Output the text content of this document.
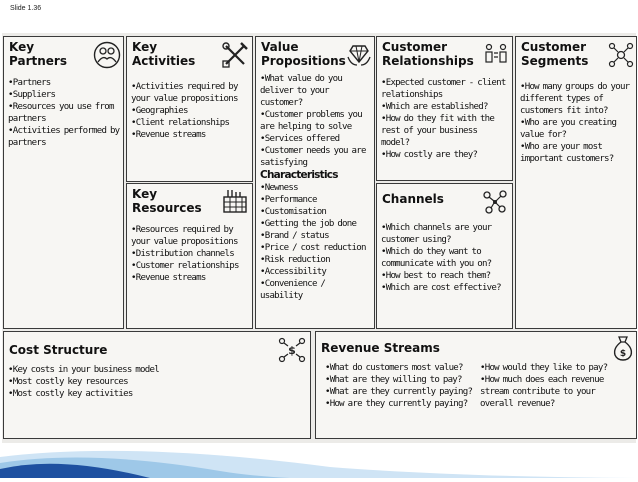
Slide 1.36
Key
Partners
•Partners
•Suppliers
•Resources you use from partners
•Activities performed by partners
Key
Activities
•Activities required by your value propositions
•Geographies
•Client relationships
•Revenue streams
Key
Resources
•Resources required by your value propositions
•Distribution channels
•Customer relationships
•Revenue streams
Value
Propositions
•What value do you deliver to your customer?
•Customer problems you are helping to solve
•Services offered
•Customer needs you are satisfying
Characteristics
•Newness
•Performance
•Customisation
•Getting the job done
•Brand / status
•Price / cost reduction
•Risk reduction
•Accessibility
•Convenience / usability
Customer
Relationships
•Expected customer - client relationships
•Which are established?
•How do they fit with the rest of your business model?
•How costly are they?
Channels
•Which channels are your customer using?
•Which do they want to communicate with you on?
•How best to reach them?
•Which are cost effective?
Customer
Segments
•How many groups do your different types of customers fit into?
•Who are you creating value for?
•Who are your most important customers?
Cost Structure	$
•Key costs in your business model
•Most costly key resources
•Most costly key activities
Revenue Streams	$
•What do customers most value?
•What are they willing to pay?
•What are they currently paying?
•How are they currently paying?
•How would they like to pay?
•How much does each revenue stream contribute to your overall revenue?
